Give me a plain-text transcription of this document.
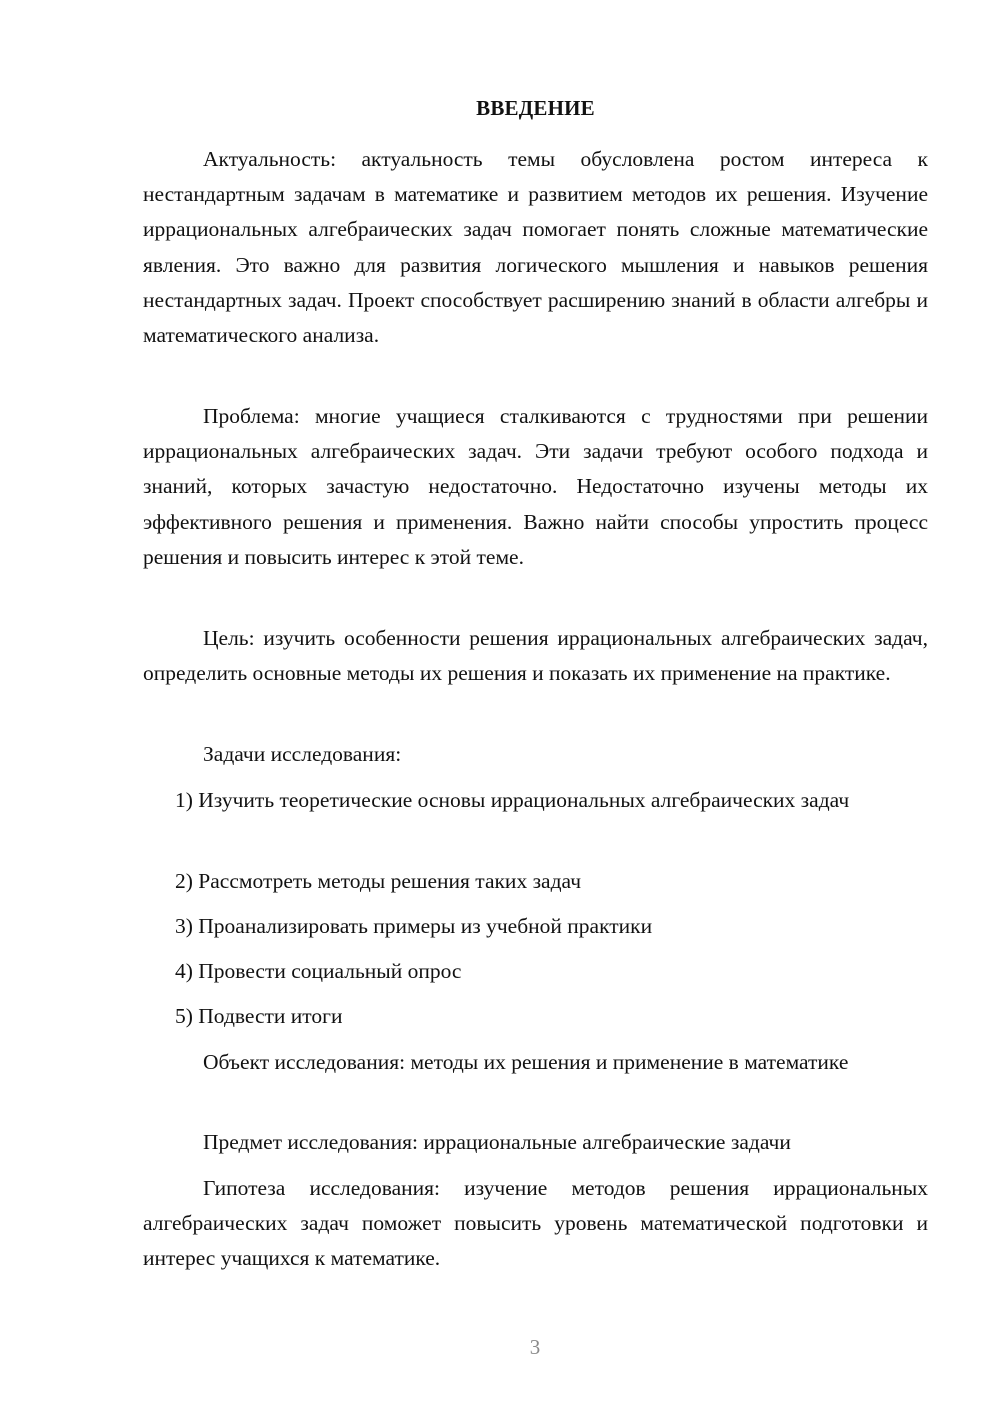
ВВЕДЕНИЕ

Актуальность: актуальность темы обусловлена ростом интереса к нестандартным задачам в математике и развитием методов их решения. Изучение иррациональных алгебраических задач помогает понять сложные математические явления. Это важно для развития логического мышления и навыков решения нестандартных задач. Проект способствует расширению знаний в области алгебры и математического анализа.

Проблема: многие учащиеся сталкиваются с трудностями при решении иррациональных алгебраических задач. Эти задачи требуют особого подхода и знаний, которых зачастую недостаточно. Недостаточно изучены методы их эффективного решения и применения. Важно найти способы упростить процесс решения и повысить интерес к этой теме.

Цель: изучить особенности решения иррациональных алгебраических задач, определить основные методы их решения и показать их применение на практике.

Задачи исследования:

1) Изучить теоретические основы иррациональных алгебраических задач

2) Рассмотреть методы решения таких задач

3) Проанализировать примеры из учебной практики

4) Провести социальный опрос

5) Подвести итоги

Объект исследования: методы их решения и применение в математике

Предмет исследования: иррациональные алгебраические задачи

Гипотеза исследования: изучение методов решения иррациональных алгебраических задач поможет повысить уровень математической подготовки и интерес учащихся к математике.

3
